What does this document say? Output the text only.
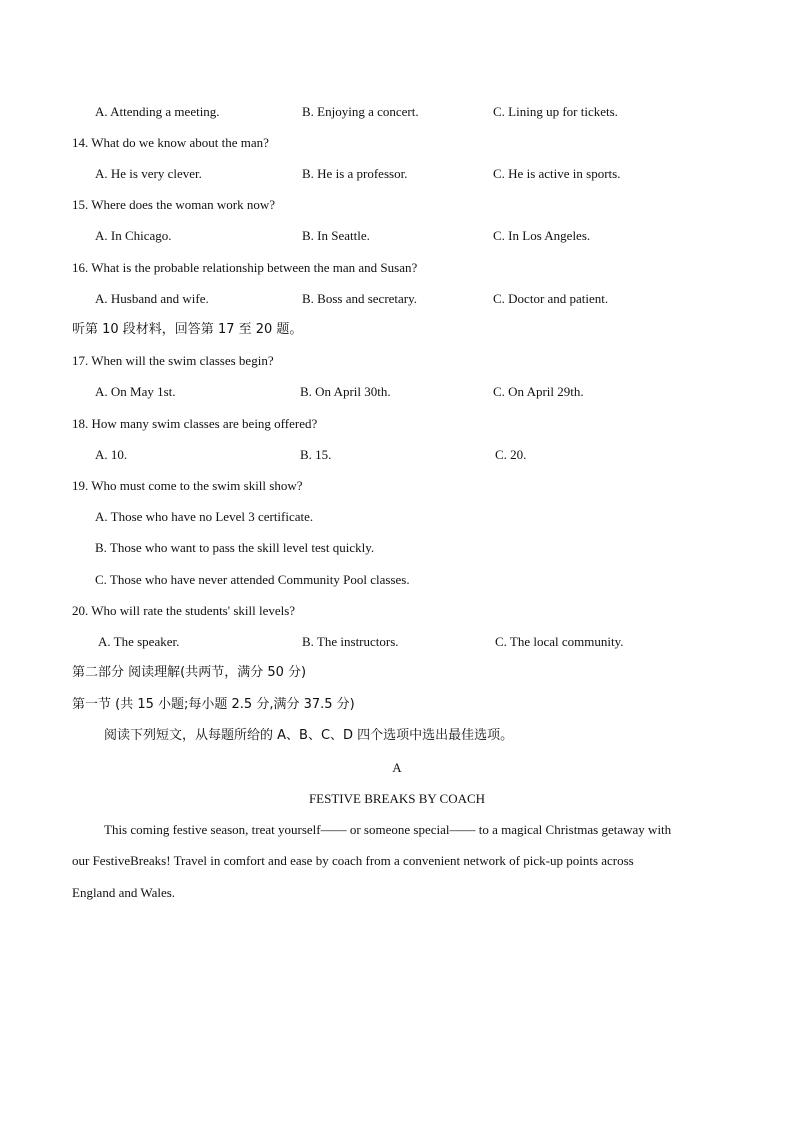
A. Attending a meeting.	B. Enjoying a concert.	C. Lining up for tickets.
14. What do we know about the man?
A. He is very clever.	B. He is a professor.	C. He is active in sports.
15. Where does the woman work now?
A. In Chicago.	B. In Seattle.	C. In Los Angeles.
16. What is the probable relationship between the man and Susan?
A. Husband and wife.	B. Boss and secretary.	C. Doctor and patient.
听第 10 段材料，回答第 17 至 20 题。
17. When will the swim classes begin?
A. On May 1st.	B. On April 30th.	C. On April 29th.
18. How many swim classes are being offered?
A. 10.	B. 15.	C. 20.
19. Who must come to the swim skill show?
A. Those who have no Level 3 certificate.
B. Those who want to pass the skill level test quickly.
C. Those who have never attended Community Pool classes.
20. Who will rate the students' skill levels?
A. The speaker.	B. The instructors.	C. The local community.
第二部分 阅读理解(共两节，满分 50 分)
第一节 (共 15 小题;每小题 2.5 分,满分 37.5 分)
阅读下列短文，从每题所给的 A、B、C、D 四个选项中选出最佳选项。
A
FESTIVE BREAKS BY COACH
This coming festive season, treat yourself—— or someone special—— to a magical Christmas getaway with
our FestiveBreaks! Travel in comfort and ease by coach from a convenient network of pick-up points across
England and Wales.
